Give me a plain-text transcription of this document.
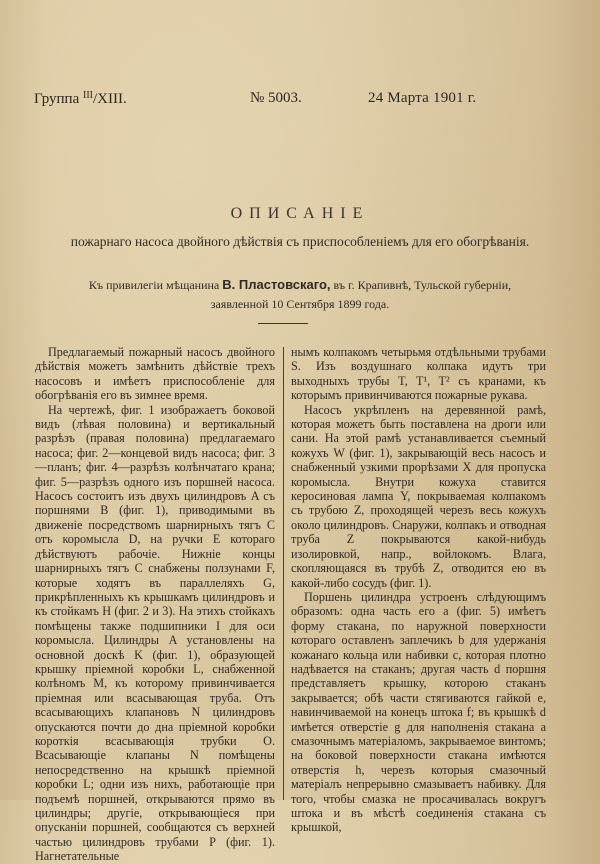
Группа $^{III}$/XIII.	№ 5003.	24 Марта 1901 г.
ОПИСАНІЕ
пожарнаго насоса двойного дѣйствія съ приспособленіемъ для его обогрѣванія.
Къ привилегіи мѣщанина В. Пластовскаго, въ г. Крапивнѣ, Тульской губерніи,
заявленной 10 Сентября 1899 года.

Предлагаемый пожарный насосъ двойного дѣйствія можетъ замѣнить дѣйствіе трехъ насосовъ и имѣетъ приспособленіе для обогрѣванія его въ зимнее время.

На чертежѣ, фиг. 1 изображаетъ боковой видъ (лѣвая половина) и вертикальный разрѣзъ (правая половина) предлагаемаго насоса; фиг. 2—концевой видъ насоса; фиг. 3—планъ; фиг. 4—разрѣзъ колѣнчатаго крана; фиг. 5—разрѣзъ одного изъ поршней насоса. Насосъ состоитъ изъ двухъ цилиндровъ A съ поршнями B (фиг. 1), приводимыми въ движеніе посредствомъ шарнирныхъ тягъ C отъ коромысла D, на ручки E котораго дѣйствуютъ рабочіе. Нижніе концы шарнирныхъ тягъ C снабжены ползунами F, которые ходятъ въ параллеляхъ G, прикрѣпленныхъ къ крышкамъ цилиндровъ и къ стойкамъ H (фиг. 2 и 3). На этихъ стойкахъ помѣщены также подшипники I для оси коромысла. Цилиндры A установлены на основной доскѣ K (фиг. 1), образующей крышку пріемной коробки L, снабженной колѣномъ M, къ которому привинчивается пріемная или всасывающая труба. Отъ всасывающихъ клапановъ N цилиндровъ опускаются почти до дна пріемной коробки короткія всасывающія трубки O. Всасывающіе клапаны N помѣщены непосредственно на крышкѣ пріемной коробки L; одни изъ нихъ, работающіе при подъемѣ поршней, открываются прямо въ цилиндры; другіе, открывающіеся при опусканіи поршней, сообщаются съ верхней частью цилиндровъ трубами P (фиг. 1). Нагнетательные

нымъ колпакомъ четырьмя отдѣльными трубами S. Изъ воздушнаго колпака идутъ три выходныхъ трубы T, T¹, T² съ кранами, къ которымъ привинчиваются пожарные рукава.

Насосъ укрѣпленъ на деревянной рамѣ, которая можетъ быть поставлена на дроги или сани. На этой рамѣ устанавливается съемный кожухъ W (фиг. 1), закрывающій весь насосъ и снабженный узкими прорѣзами X для пропуска коромысла. Внутри кожуха ставится керосиновая лампа Y, покрываемая колпакомъ съ трубою Z, проходящей черезъ весь кожухъ около цилиндровъ. Снаружи, колпакъ и отводная труба Z покрываются какой-нибудь изолировкой, напр., войлокомъ. Влага, скопляющаяся въ трубѣ Z, отводится ею въ какой-либо сосудъ (фиг. 1).

Поршень цилиндра устроенъ слѣдующимъ образомъ: одна часть его a (фиг. 5) имѣетъ форму стакана, по наружной поверхности котораго оставленъ заплечикъ b для удержанія кожанаго кольца или набивки c, которая плотно надѣвается на стаканъ; другая часть d поршня представляетъ крышку, которою стаканъ закрывается; обѣ части стягиваются гайкой e, навинчиваемой на конецъ штока f; въ крышкѣ d имѣется отверстіе g для наполненія стакана a смазочнымъ матеріаломъ, закрываемое винтомъ; на боковой поверхности стакана имѣются отверстія h, черезъ которыя смазочный матеріалъ непрерывно смазываетъ набивку. Для того, чтобы смазка не просачивалась вокругъ штока и въ мѣстѣ соединенія стакана съ крышкой,
